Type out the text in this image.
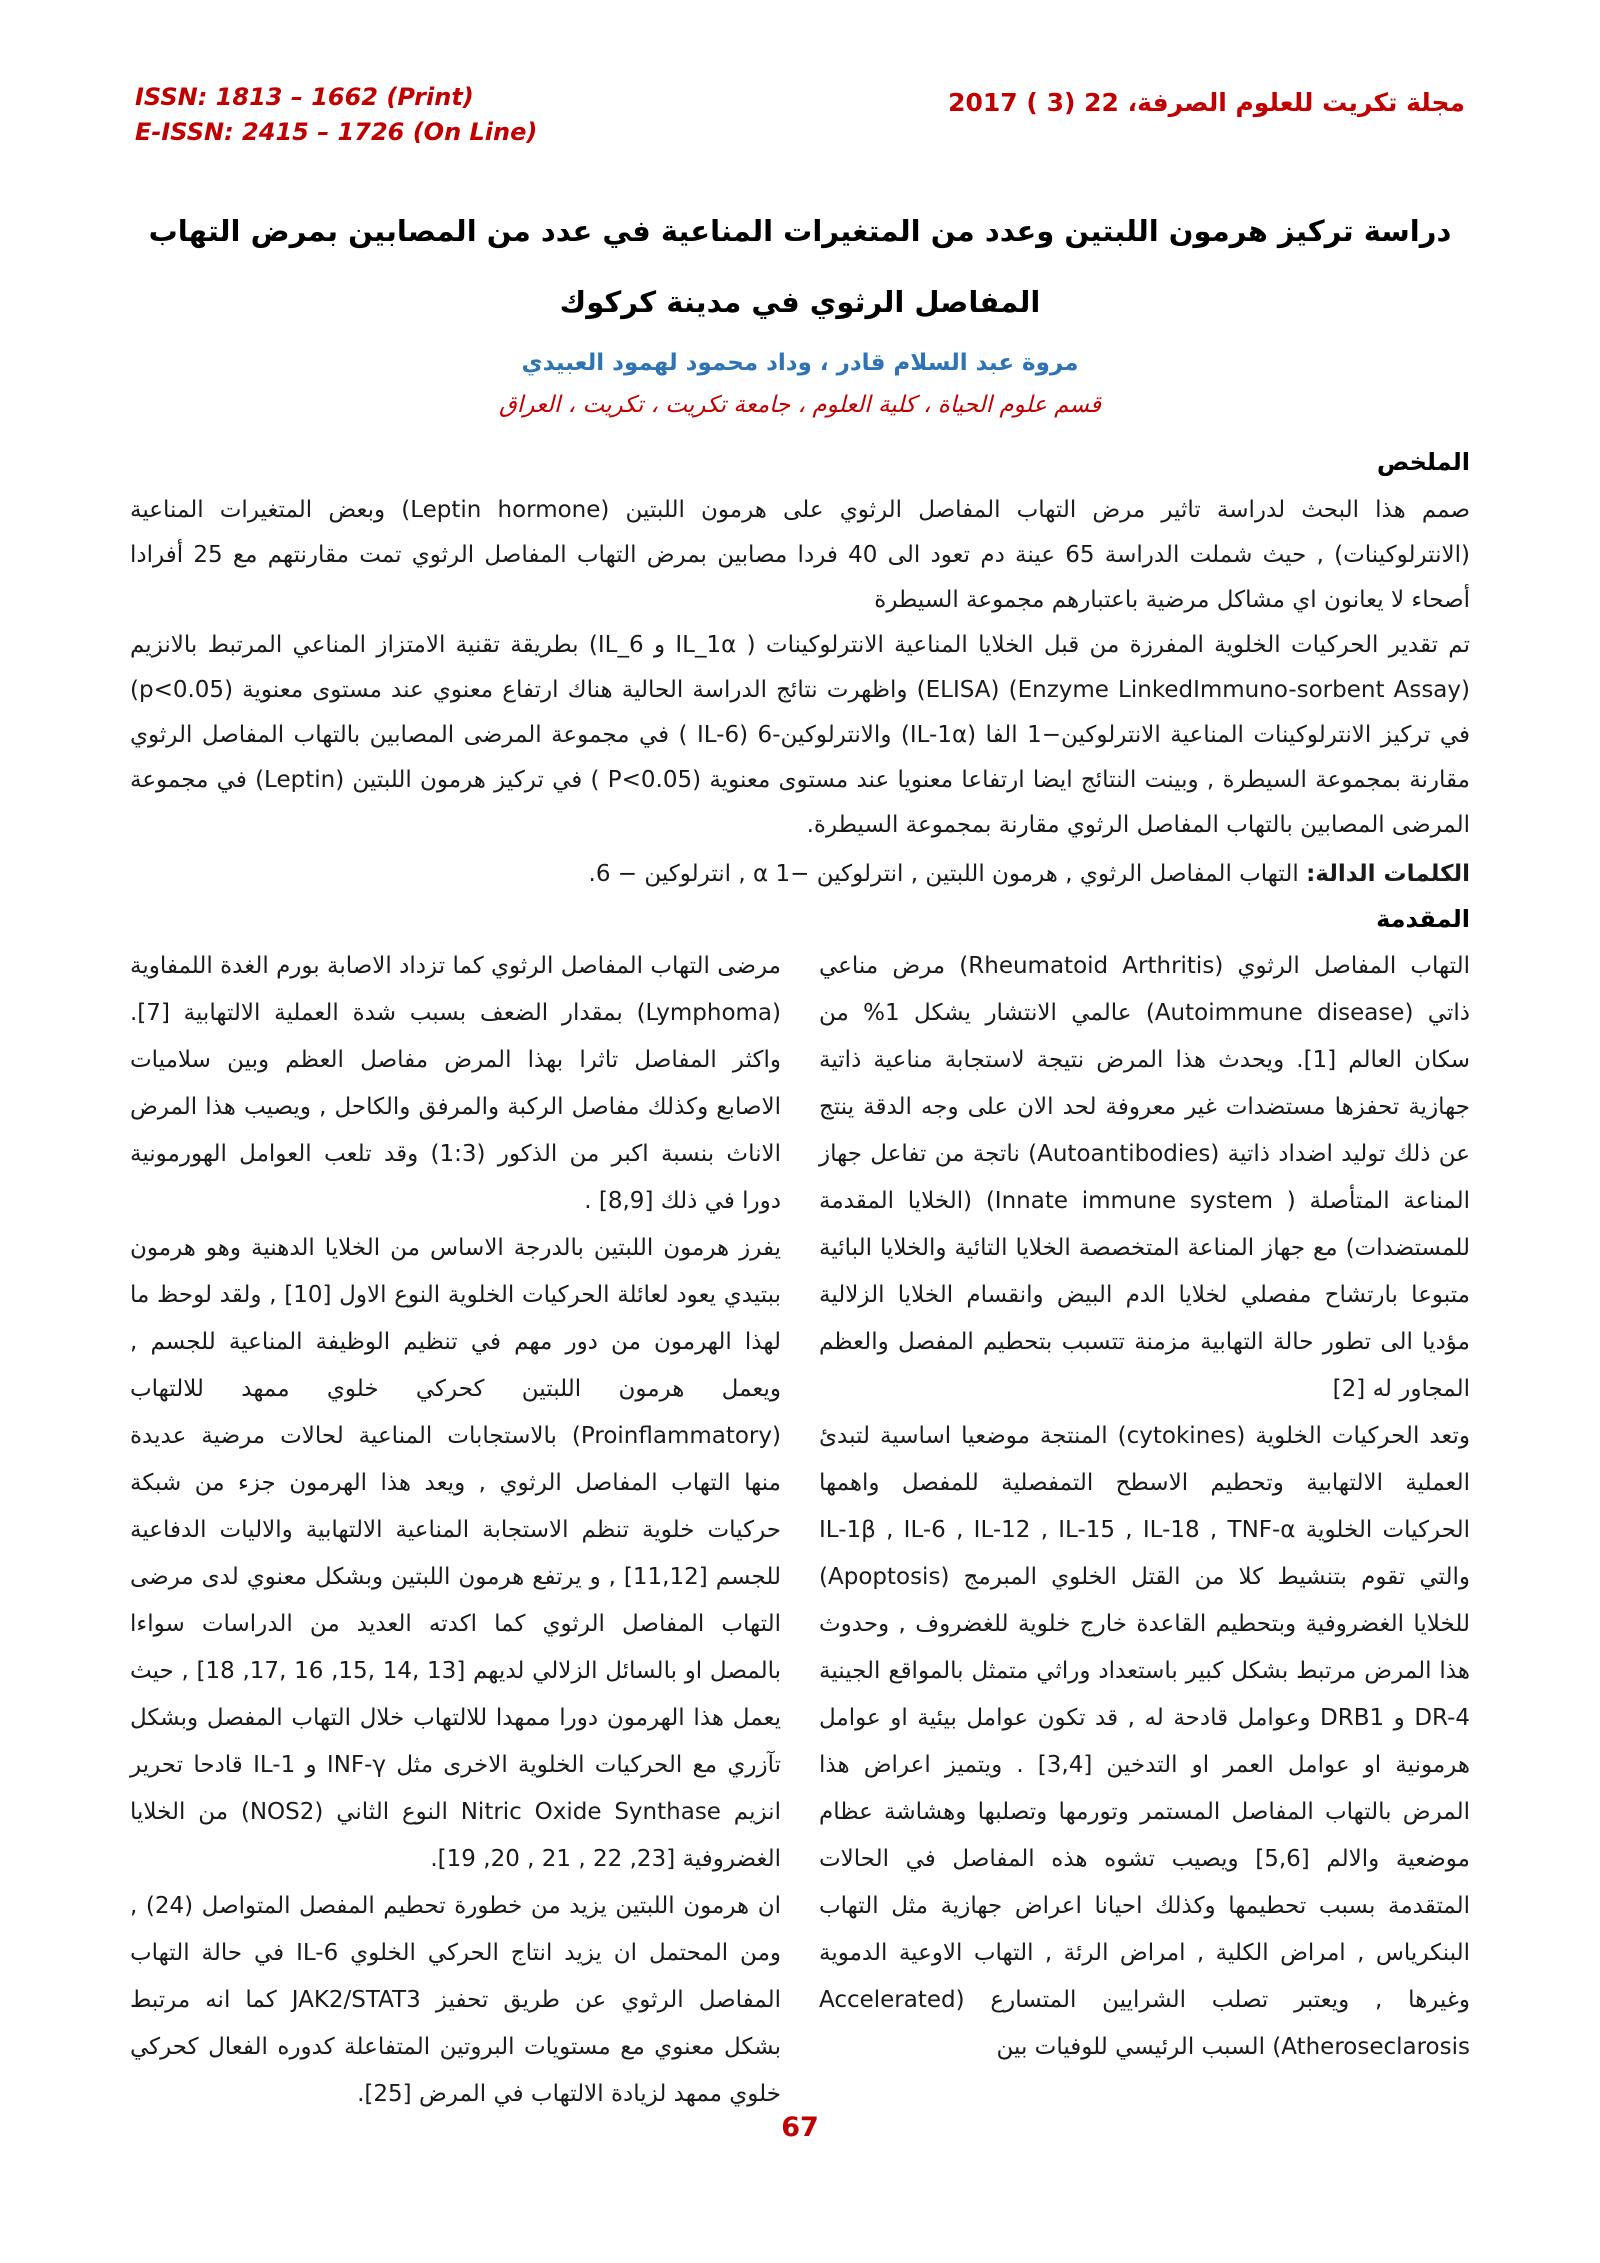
ISSN: 1813 – 1662 (Print)
E-ISSN: 2415 – 1726 (On Line)
مجلة تكريت للعلوم الصرفة، 22 (3 ) 2017
دراسة تركيز هرمون اللبتين وعدد من المتغيرات المناعية في عدد من المصابين بمرض التهاب
المفاصل الرثوي في مدينة كركوك
مروة عبد السلام قادر ، وداد محمود لهمود العبيدي
قسم علوم الحياة ، كلية العلوم ، جامعة تكريت ، تكريت ، العراق
الملخص

صمم هذا البحث لدراسة تاثير مرض التهاب المفاصل الرثوي على هرمون اللبتين (Leptin hormone) وبعض المتغيرات المناعية (الانترلوكينات) , حيث شملت الدراسة 65 عينة دم تعود الى 40 فردا مصابين بمرض التهاب المفاصل الرثوي تمت مقارنتهم مع 25 أفرادا أصحاء لا يعانون اي مشاكل مرضية باعتبارهم مجموعة السيطرة

تم تقدير الحركيات الخلوية المفرزة من قبل الخلايا المناعية الانترلوكينات ( IL_1α و IL_6) بطريقة تقنية الامتزاز المناعي المرتبط بالانزيم (Enzyme LinkedImmuno-sorbent Assay) (ELISA) واظهرت نتائج الدراسة الحالية هناك ارتفاع معنوي عند مستوى معنوية (p<0.05) في تركيز الانترلوكينات المناعية الانترلوكين−1 الفا (IL-1α) والانترلوكين-6 (IL-6 ) في مجموعة المرضى المصابين بالتهاب المفاصل الرثوي مقارنة بمجموعة السيطرة , وبينت النتائج ايضا ارتفاعا معنويا عند مستوى معنوية (P<0.05 ) في تركيز هرمون اللبتين (Leptin) في مجموعة المرضى المصابين بالتهاب المفاصل الرثوي مقارنة بمجموعة السيطرة.

الكلمات الدالة: التهاب المفاصل الرثوي , هرمون اللبتين , انترلوكين −1 α , انترلوكين − 6.

المقدمة

التهاب المفاصل الرثوي (Rheumatoid Arthritis) مرض مناعي ذاتي (Autoimmune disease) عالمي الانتشار يشكل 1% من سكان العالم [1]. ويحدث هذا المرض نتيجة لاستجابة مناعية ذاتية جهازية تحفزها مستضدات غير معروفة لحد الان على وجه الدقة ينتج عن ذلك توليد اضداد ذاتية (Autoantibodies) ناتجة من تفاعل جهاز المناعة المتأصلة ( Innate immune system) (الخلايا المقدمة للمستضدات) مع جهاز المناعة المتخصصة الخلايا التائية والخلايا البائية متبوعا بارتشاح مفصلي لخلايا الدم البيض وانقسام الخلايا الزلالية مؤديا الى تطور حالة التهابية مزمنة تتسبب بتحطيم المفصل والعظم المجاور له [2]

وتعد الحركيات الخلوية (cytokines) المنتجة موضعيا اساسية لتبدئ العملية الالتهابية وتحطيم الاسطح التمفصلية للمفصل واهمها الحركيات الخلوية IL-1β , IL-6 , IL-12 , IL-15 , IL-18 , TNF-α والتي تقوم بتنشيط كلا من القتل الخلوي المبرمج (Apoptosis) للخلايا الغضروفية وبتحطيم القاعدة خارج خلوية للغضروف , وحدوث هذا المرض مرتبط بشكل كبير باستعداد وراثي متمثل بالمواقع الجينية DR-4 و DRB1 وعوامل قادحة له , قد تكون عوامل بيئية او عوامل هرمونية او عوامل العمر او التدخين [3,4] . ويتميز اعراض هذا المرض بالتهاب المفاصل المستمر وتورمها وتصلبها وهشاشة عظام موضعية والالم [5,6] ويصيب تشوه هذه المفاصل في الحالات المتقدمة بسبب تحطيمها وكذلك احيانا اعراض جهازية مثل التهاب البنكرياس , امراض الكلية , امراض الرئة , التهاب الاوعية الدموية وغيرها , ويعتبر تصلب الشرايين المتسارع (Accelerated Atheroseclarosis) السبب الرئيسي للوفيات بين

مرضى التهاب المفاصل الرثوي كما تزداد الاصابة بورم الغدة اللمفاوية (Lymphoma) بمقدار الضعف بسبب شدة العملية الالتهابية [7]. واكثر المفاصل تاثرا بهذا المرض مفاصل العظم وبين سلاميات الاصابع وكذلك مفاصل الركبة والمرفق والكاحل , ويصيب هذا المرض الاناث بنسبة اكبر من الذكور (1:3) وقد تلعب العوامل الهورمونية دورا في ذلك [8,9] .

يفرز هرمون اللبتين بالدرجة الاساس من الخلايا الدهنية وهو هرمون ببتيدي يعود لعائلة الحركيات الخلوية النوع الاول [10] , ولقد لوحظ ما لهذا الهرمون من دور مهم في تنظيم الوظيفة المناعية للجسم , ويعمل هرمون اللبتين كحركي خلوي ممهد للالتهاب (Proinflammatory) بالاستجابات المناعية لحالات مرضية عديدة منها التهاب المفاصل الرثوي , ويعد هذا الهرمون جزء من شبكة حركيات خلوية تنظم الاستجابة المناعية الالتهابية والاليات الدفاعية للجسم [11,12] , و يرتفع هرمون اللبتين وبشكل معنوي لدى مرضى التهاب المفاصل الرثوي كما اكدته العديد من الدراسات سواءا بالمصل او بالسائل الزلالي لديهم [13 ,14 ,15, 16 ,17, 18] , حيث يعمل هذا الهرمون دورا ممهدا للالتهاب خلال التهاب المفصل وبشكل تآزري مع الحركيات الخلوية الاخرى مثل INF-γ و IL-1 قادحا تحرير انزيم Nitric Oxide Synthase النوع الثاني (NOS2) من الخلايا الغضروفية [23, 22 , 21 , 20, 19].

ان هرمون اللبتين يزيد من خطورة تحطيم المفصل المتواصل (24) , ومن المحتمل ان يزيد انتاج الحركي الخلوي IL-6 في حالة التهاب المفاصل الرثوي عن طريق تحفيز JAK2/STAT3 كما انه مرتبط بشكل معنوي مع مستويات البروتين المتفاعلة كدوره الفعال كحركي خلوي ممهد لزيادة الالتهاب في المرض [25].

67
